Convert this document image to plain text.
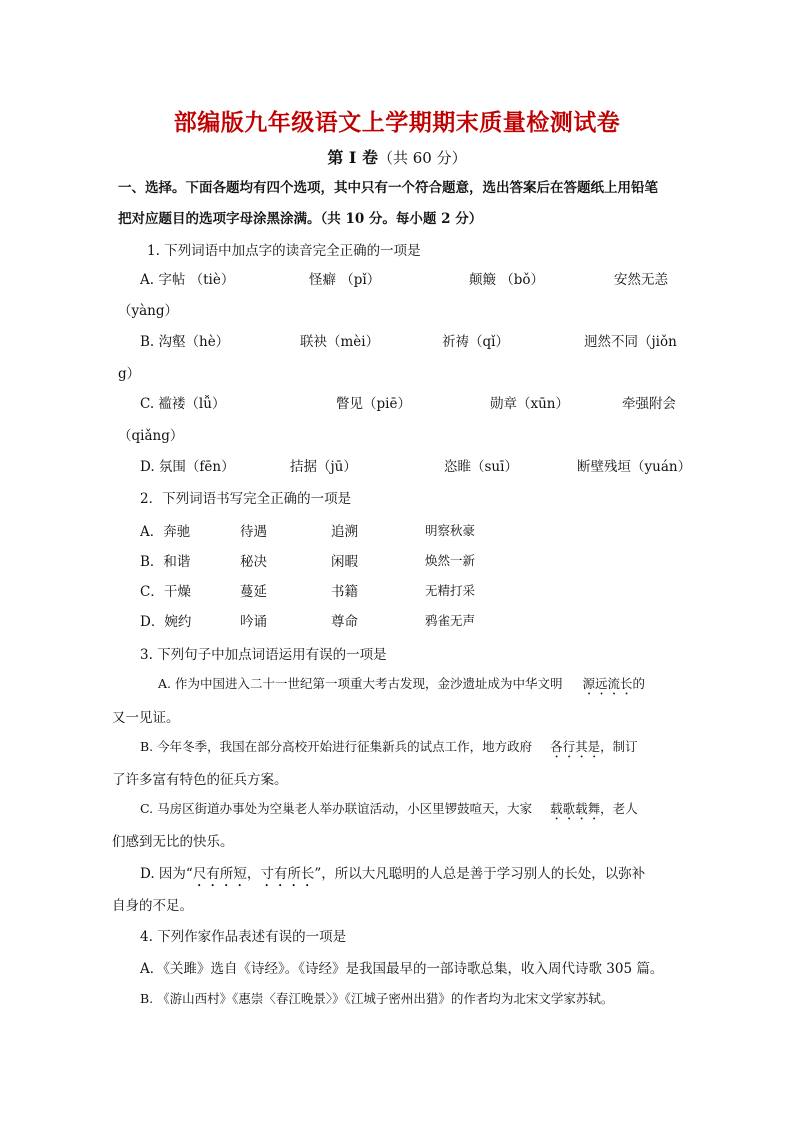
部编版九年级语文上学期期末质量检测试卷
第 I 卷（共 60 分）
一、选择。下面各题均有四个选项，其中只有一个符合题意，选出答案后在答题纸上用铅笔
把对应题目的选项字母涂黑涂满。（共 10 分。每小题 2 分）
1. 下列词语中加点字的读音完全正确的一项是
A. 字帖 （tiè）	怪癖 （pǐ）	颠簸 （bǒ）	安然无恙
（yàng）
B. 沟壑（hè）	联袂（mèi）	祈祷（qǐ）	迥然不同（jiǒn
g）
C. 褴褛（lǚ）	瞥见（piē）	勋章（xūn）	牵强附会
（qiǎng）
D. 氛围（fēn）	拮据（jū）	恣睢（suī）	断壁残垣（yuán）
2．下列词语书写完全正确的一项是
A．奔驰	待遇	追溯	明察秋豪
B．和谐	秘决	闲暇	焕然一新
C．干燥	蔓延	书籍	无精打采
D．婉约	吟诵	尊命	鸦雀无声
3. 下列句子中加点词语运用有误的一项是
A. 作为中国进入二十一世纪第一项重大考古发现，金沙遗址成为中华文明 源远流长的
又一见证。
B. 今年冬季，我国在部分高校开始进行征集新兵的试点工作，地方政府 各行其是，制订
了许多富有特色的征兵方案。
C. 马房区街道办事处为空巢老人举办联谊活动，小区里锣鼓喧天，大家 载歌载舞，老人
们感到无比的快乐。
D. 因为“尺有所短，寸有所长”，所以大凡聪明的人总是善于学习别人的长处，以弥补
自身的不足。
4. 下列作家作品表述有误的一项是
A．《关雎》选自《诗经》。《诗经》是我国最早的一部诗歌总集，收入周代诗歌 305 篇。
B. 《游山西村》《惠崇〈春江晚景〉》《江城子密州出猎》的作者均为北宋文学家苏轼。
